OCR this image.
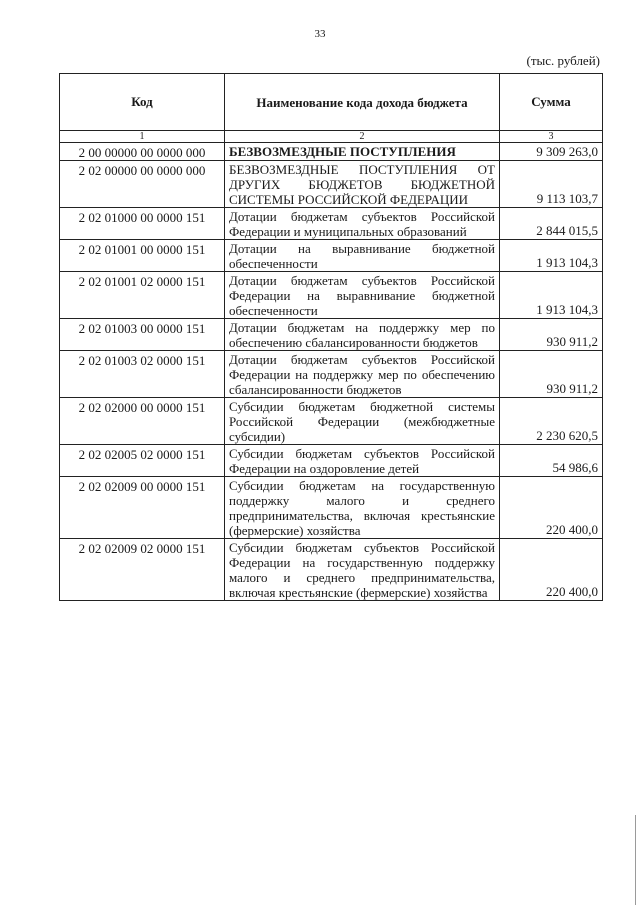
33
(тыс. рублей)
Код	Наименование кода дохода бюджета	Сумма
1	2	3
2 00 00000 00 0000 000	БЕЗВОЗМЕЗДНЫЕ ПОСТУПЛЕНИЯ	9 309 263,0
2 02 00000 00 0000 000	БЕЗВОЗМЕЗДНЫЕ ПОСТУПЛЕНИЯ ОТ ДРУГИХ БЮДЖЕТОВ БЮДЖЕТНОЙ СИСТЕМЫ РОССИЙСКОЙ ФЕДЕРАЦИИ	9 113 103,7
2 02 01000 00 0000 151	Дотации бюджетам субъектов Российской Федерации и муниципальных образований	2 844 015,5
2 02 01001 00 0000 151	Дотации на выравнивание бюджетной обеспеченности	1 913 104,3
2 02 01001 02 0000 151	Дотации бюджетам субъектов Российской Федерации на выравнивание бюджетной обеспеченности	1 913 104,3
2 02 01003 00 0000 151	Дотации бюджетам на поддержку мер по обеспечению сбалансированности бюджетов	930 911,2
2 02 01003 02 0000 151	Дотации бюджетам субъектов Российской Федерации на поддержку мер по обеспечению сбалансированности бюджетов	930 911,2
2 02 02000 00 0000 151	Субсидии бюджетам бюджетной системы Российской Федерации (межбюджетные субсидии)	2 230 620,5
2 02 02005 02 0000 151	Субсидии бюджетам субъектов Российской Федерации на оздоровление детей	54 986,6
2 02 02009 00 0000 151	Субсидии бюджетам на государственную поддержку малого и среднего предпринимательства, включая крестьянские (фермерские) хозяйства	220 400,0
2 02 02009 02 0000 151	Субсидии бюджетам субъектов Российской Федерации на государственную поддержку малого и среднего предпринимательства, включая крестьянские (фермерские) хозяйства	220 400,0
